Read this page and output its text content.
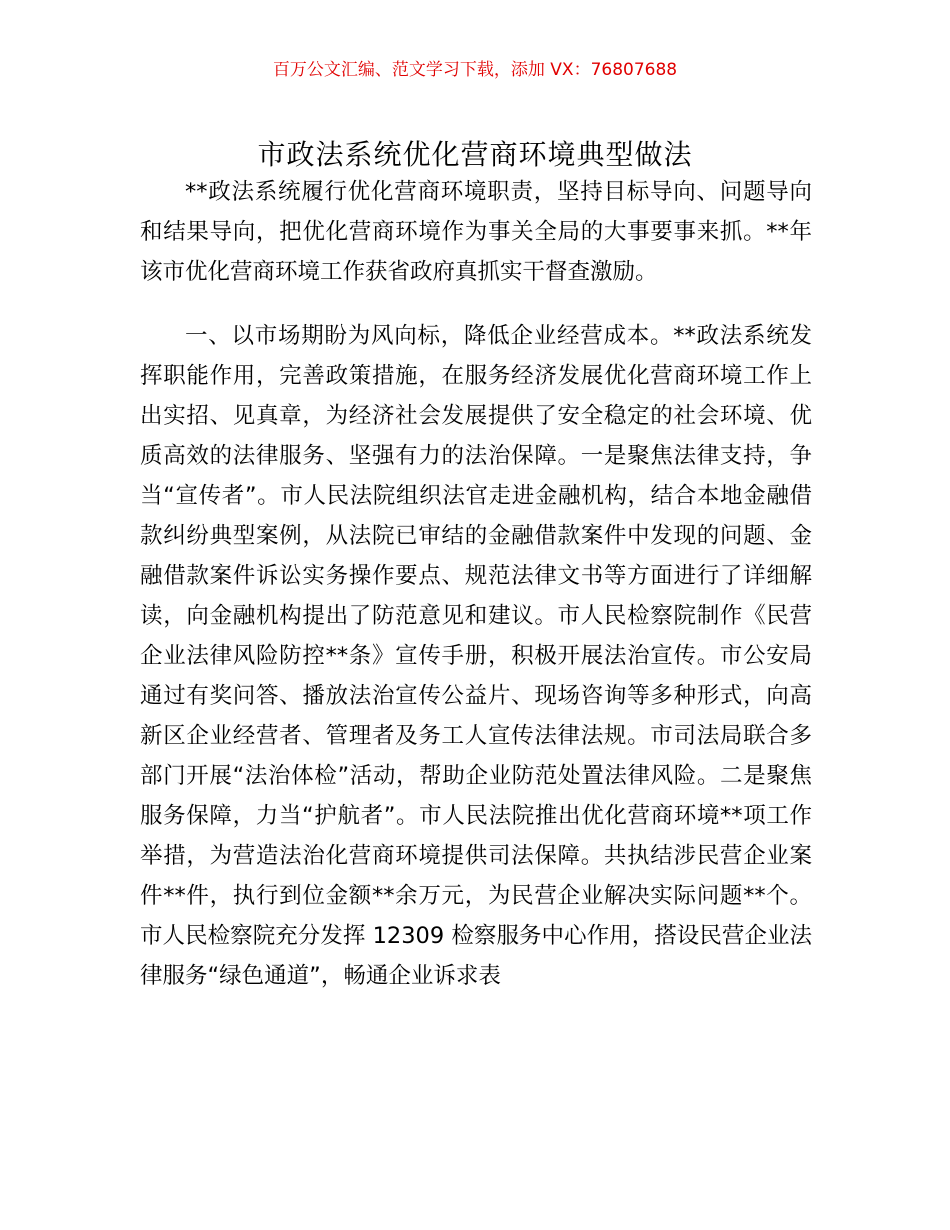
百万公文汇编、范文学习下载，添加 VX：76807688
市政法系统优化营商环境典型做法

**政法系统履行优化营商环境职责，坚持目标导向、问题导向和结果导向，把优化营商环境作为事关全局的大事要事来抓。**年该市优化营商环境工作获省政府真抓实干督查激励。

一、以市场期盼为风向标，降低企业经营成本。**政法系统发挥职能作用，完善政策措施，在服务经济发展优化营商环境工作上出实招、见真章，为经济社会发展提供了安全稳定的社会环境、优质高效的法律服务、坚强有力的法治保障。一是聚焦法律支持，争当“宣传者”。市人民法院组织法官走进金融机构，结合本地金融借款纠纷典型案例，从法院已审结的金融借款案件中发现的问题、金融借款案件诉讼实务操作要点、规范法律文书等方面进行了详细解读，向金融机构提出了防范意见和建议。市人民检察院制作《民营企业法律风险防控**条》宣传手册，积极开展法治宣传。市公安局通过有奖问答、播放法治宣传公益片、现场咨询等多种形式，向高新区企业经营者、管理者及务工人宣传法律法规。市司法局联合多部门开展“法治体检”活动，帮助企业防范处置法律风险。二是聚焦服务保障，力当“护航者”。市人民法院推出优化营商环境**项工作举措，为营造法治化营商环境提供司法保障。共执结涉民营企业案件**件，执行到位金额**余万元，为民营企业解决实际问题**个。市人民检察院充分发挥 12309 检察服务中心作用，搭设民营企业法律服务“绿色通道”，畅通企业诉求表
